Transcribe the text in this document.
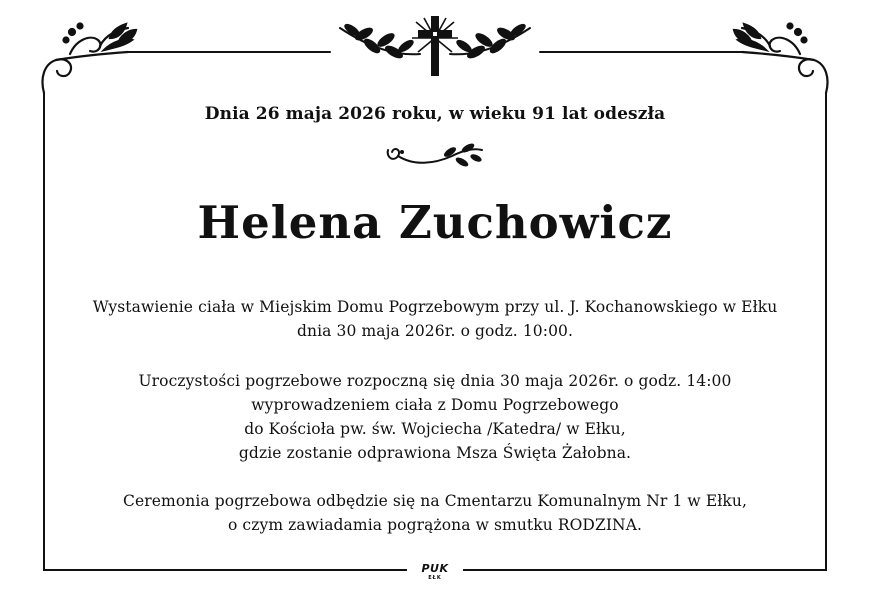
Dnia 26 maja 2026 roku, w wieku 91 lat odeszła
Helena Zuchowicz
Wystawienie ciała w Miejskim Domu Pogrzebowym przy ul. J. Kochanowskiego w Ełku
dnia 30 maja 2026r. o godz. 10:00.
Uroczystości pogrzebowe rozpoczną się dnia 30 maja 2026r. o godz. 14:00
wyprowadzeniem ciała z Domu Pogrzebowego
do Kościoła pw. św. Wojciecha /Katedra/ w Ełku,
gdzie zostanie odprawiona Msza Święta Żałobna.
Ceremonia pogrzebowa odbędzie się na Cmentarzu Komunalnym Nr 1 w Ełku,
o czym zawiadamia pogrążona w smutku RODZINA.
PUK
EŁK
